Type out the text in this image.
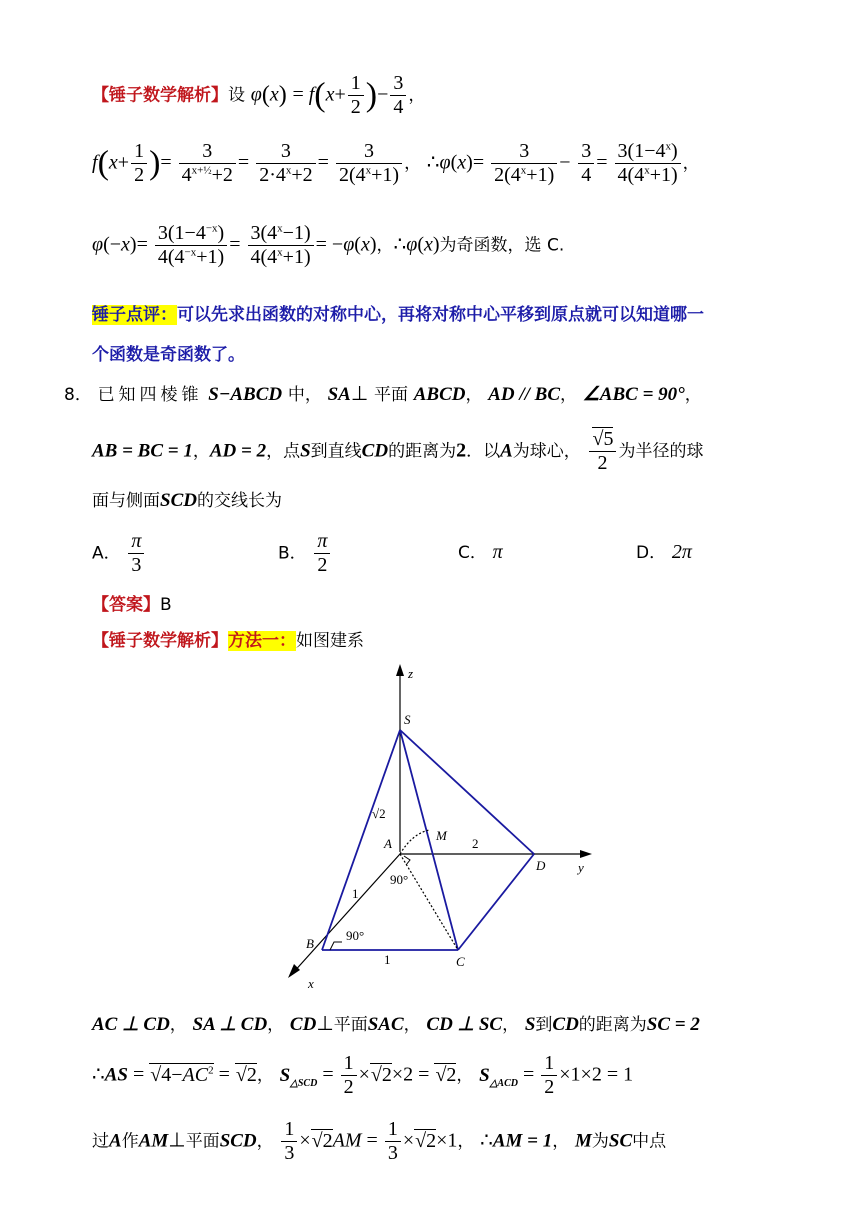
【锤子数学解析】设 $\varphi(x) = f(x+ \frac{1}{2}$ )− $\frac{3}{4}$ ，
$f(x+ \frac{1}{2}$ )= $\frac{3}{4^{x+\frac{1}{2}}+2} = \frac{3}{2\cdot 4^x+2} = \frac{3}{2(4^x+1)}$ ， ∴φ(x)= $\frac{3}{2(4^x+1)} - \frac{3}{4} = \frac{3(1-4^x)}{4(4^x+1)}$ ，
$\varphi(-x)= \frac{3(1-4^{-x})}{4(4^{-x}+1)} = \frac{3(4^x-1)}{4(4^x+1)} = -\varphi(x)$，∴φ(x)为奇函数，选 C.
锤子点评：可以先求出函数的对称中心，再将对称中心平移到原点就可以知道哪一
个函数是奇函数了。
8． 已知四棱锥 S−ABCD 中， SA⊥ 平面 ABCD， AD // BC， ∠ABC = 90°，
AB = BC = 1，AD = 2，点S到直线CD的距离为2．以A为球心， $\frac{√5}{2}$ 为半径的球
面与侧面SCD的交线长为
A． $\frac{\pi}{3}$	B． $\frac{\pi}{2}$	C． π	D． 2π
【答案】B
【锤子数学解析】方法一：如图建系
z
S
√2
A
M
2
D	y
90°
1
90°
B
1	C
x
AC ⊥ CD， SA ⊥ CD， CD⊥平面SAC， CD ⊥ SC， S到CD的距离为SC = 2
∴AS = $√4-AC^2 = √2$， $S_{\triangle SCD} = \frac{1}{2} \times√2\times 2 = √2$， $S_{\triangle ACD} = \frac{1}{2} \times 1\times 2 = 1$
过A作AM⊥平面SCD， $\frac{1}{3} \times√2AM = \frac{1}{3} \times√2\times 1$， ∴AM = 1， M为SC中点
